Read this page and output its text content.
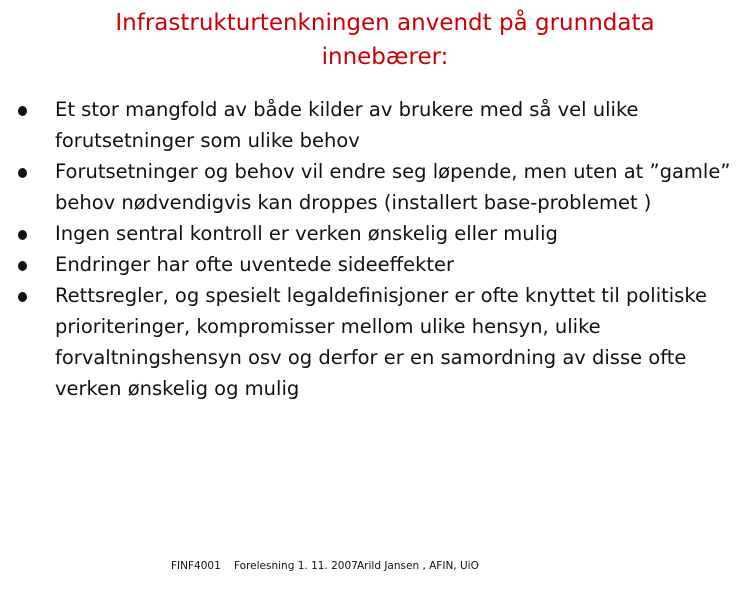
Infrastrukturtenkningen anvendt på grunndata innebærer:
Et stor mangfold av både kilder av brukere med så vel ulike forutsetninger som ulike behov
Forutsetninger og behov vil endre seg løpende, men uten at ”gamle” behov nødvendigvis kan droppes (installert base-problemet )
Ingen sentral kontroll er verken ønskelig eller mulig
Endringer har ofte uventede sideeffekter
Rettsregler, og spesielt legaldefinisjoner er ofte knyttet til politiske prioriteringer, kompromisser mellom ulike hensyn, ulike forvaltningshensyn osv og derfor er en samordning av disse ofte verken ønskelig og mulig
FINF4001 Forelesning 1. 11. 2007 Arild Jansen , AFIN, UiO
